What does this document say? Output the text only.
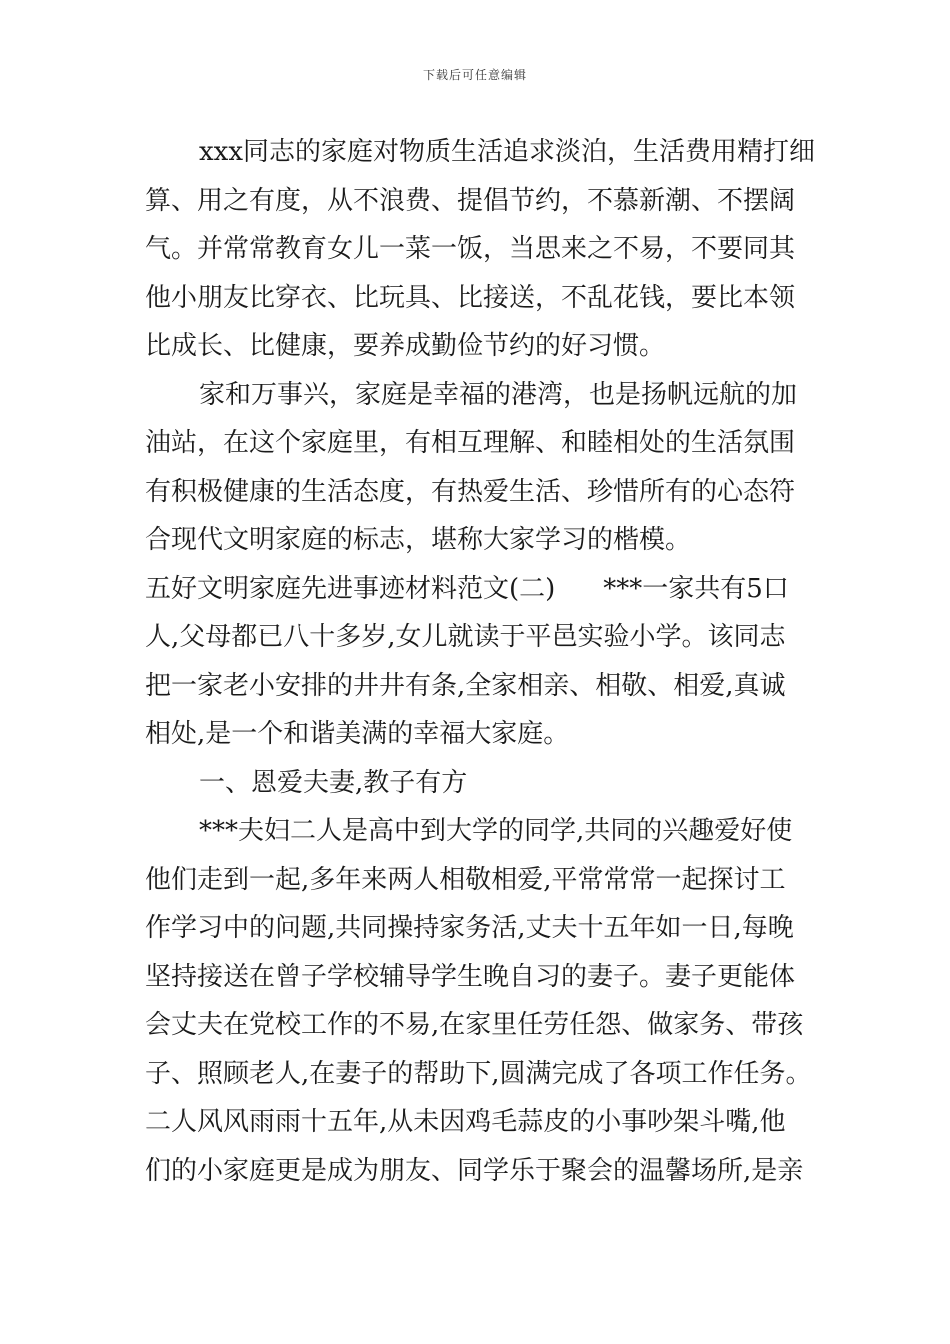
下载后可任意编辑
xxx同志的家庭对物质生活追求淡泊，生活费用精打细
算、用之有度，从不浪费、提倡节约，不慕新潮、不摆阔
气。并常常教育女儿一菜一饭，当思来之不易，不要同其
他小朋友比穿衣、比玩具、比接送，不乱花钱，要比本领
比成长、比健康，要养成勤俭节约的好习惯。
家和万事兴，家庭是幸福的港湾，也是扬帆远航的加
油站，在这个家庭里，有相互理解、和睦相处的生活氛围
有积极健康的生活态度，有热爱生活、珍惜所有的心态符
合现代文明家庭的标志，堪称大家学习的楷模。
五好文明家庭先进事迹材料范文(二) ***一家共有5口
人,父母都已八十多岁,女儿就读于平邑实验小学。该同志
把一家老小安排的井井有条,全家相亲、相敬、相爱,真诚
相处,是一个和谐美满的幸福大家庭。
一、恩爱夫妻,教子有方
***夫妇二人是高中到大学的同学,共同的兴趣爱好使
他们走到一起,多年来两人相敬相爱,平常常常一起探讨工
作学习中的问题,共同操持家务活,丈夫十五年如一日,每晚
坚持接送在曾子学校辅导学生晚自习的妻子。妻子更能体
会丈夫在党校工作的不易,在家里任劳任怨、做家务、带孩
子、照顾老人,在妻子的帮助下,圆满完成了各项工作任务。
二人风风雨雨十五年,从未因鸡毛蒜皮的小事吵架斗嘴,他
们的小家庭更是成为朋友、同学乐于聚会的温馨场所,是亲
